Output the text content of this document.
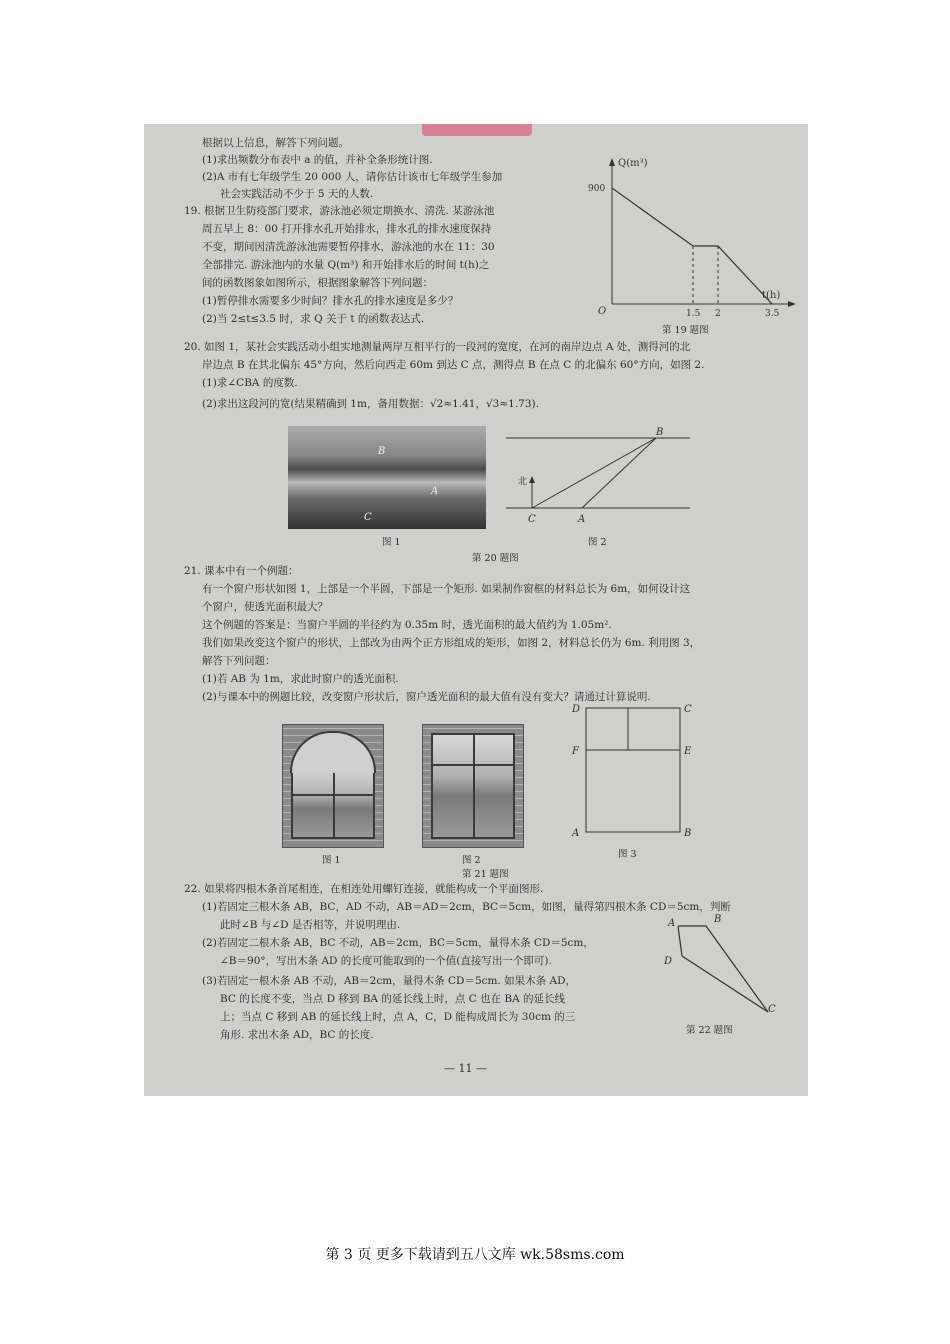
根据以上信息，解答下列问题。
(1)求出频数分布表中 a 的值，并补全条形统计图.
(2)A 市有七年级学生 20 000 人，请你估计该市七年级学生参加
社会实践活动不少于 5 天的人数.
19. 根据卫生防疫部门要求，游泳池必须定期换水、清洗. 某游泳池
周五早上 8：00 打开排水孔开始排水，排水孔的排水速度保持
不变，期间因清洗游泳池需要暂停排水，游泳池的水在 11：30
全部排完. 游泳池内的水量 Q(m³) 和开始排水后的时间 t(h)之
间的函数图象如图所示，根据图象解答下列问题：
(1)暂停排水需要多少时间？排水孔的排水速度是多少？
(2)当 2≤t≤3.5 时，求 Q 关于 t 的函数表达式.
Q(m³)
900
O	1.5 2	3.5
t(h)
第 19 题图
20. 如图 1，某社会实践活动小组实地测量两岸互相平行的一段河的宽度，在河的南岸边点 A 处，测得河的北
岸边点 B 在其北偏东 45°方向，然后向西走 60m 到达 C 点，测得点 B 在点 C 的北偏东 60°方向，如图 2.
(1)求∠CBA 的度数.
(2)求出这段河的宽(结果精确到 1m，备用数据：√2≈1.41，√3≈1.73).
B
A
C
图 1
B
A
C
北
图 2
第 20 题图
21. 课本中有一个例题：
有一个窗户形状如图 1，上部是一个半圆，下部是一个矩形. 如果制作窗框的材料总长为 6m，如何设计这
个窗户，使透光面积最大？
这个例题的答案是：当窗户半圆的半径约为 0.35m 时，透光面积的最大值约为 1.05m².
我们如果改变这个窗户的形状，上部改为由两个正方形组成的矩形，如图 2，材料总长仍为 6m. 利用图 3，
解答下列问题：
(1)若 AB 为 1m，求此时窗户的透光面积.
(2)与课本中的例题比较，改变窗户形状后，窗户透光面积的最大值有没有变大？请通过计算说明.
图 1	图 2
D	C
F	E
A	B
图 3
第 21 题图
22. 如果将四根木条首尾相连，在相连处用螺钉连接，就能构成一个平面图形.
(1)若固定三根木条 AB，BC，AD 不动，AB＝AD＝2cm，BC＝5cm，如图，量得第四根木条 CD＝5cm，判断
此时∠B 与∠D 是否相等，并说明理由.
(2)若固定二根木条 AB，BC 不动，AB＝2cm，BC＝5cm，量得木条 CD＝5cm，
∠B＝90°，写出木条 AD 的长度可能取到的一个值(直接写出一个即可).
(3)若固定一根木条 AB 不动，AB＝2cm，量得木条 CD＝5cm. 如果木条 AD，
BC 的长度不变，当点 D 移到 BA 的延长线上时，点 C 也在 BA 的延长线
上；当点 C 移到 AB 的延长线上时，点 A，C，D 能构成周长为 30cm 的三
角形. 求出木条 AD，BC 的长度.
A	B
D
C
第 22 题图
— 11 —
第 3 页 更多下载请到五八文库 wk.58sms.com
